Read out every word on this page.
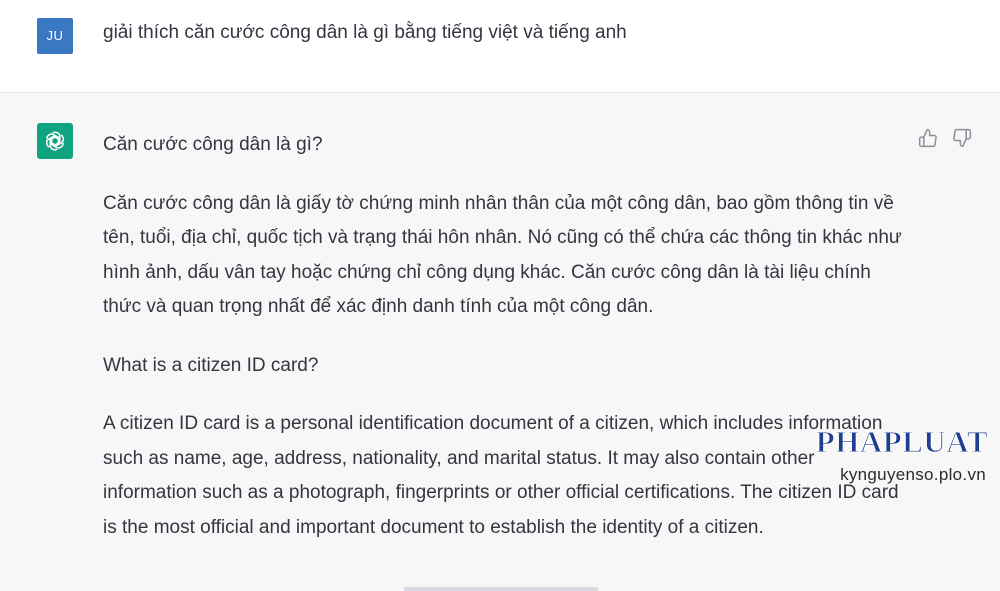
JU	giải thích căn cước công dân là gì bằng tiếng việt và tiếng anh

Căn cước công dân là gì?

Căn cước công dân là giấy tờ chứng minh nhân thân của một công dân, bao gồm thông tin về tên, tuổi, địa chỉ, quốc tịch và trạng thái hôn nhân. Nó cũng có thể chứa các thông tin khác như hình ảnh, dấu vân tay hoặc chứng chỉ công dụng khác. Căn cước công dân là tài liệu chính thức và quan trọng nhất để xác định danh tính của một công dân.

What is a citizen ID card?

A citizen ID card is a personal identification document of a citizen, which includes information such as name, age, address, nationality, and marital status. It may also contain other information such as a photograph, fingerprints or other official certifications. The citizen ID card is the most official and important document to establish the identity of a citizen.

PHAPLUAT
kynguyenso.plo.vn
